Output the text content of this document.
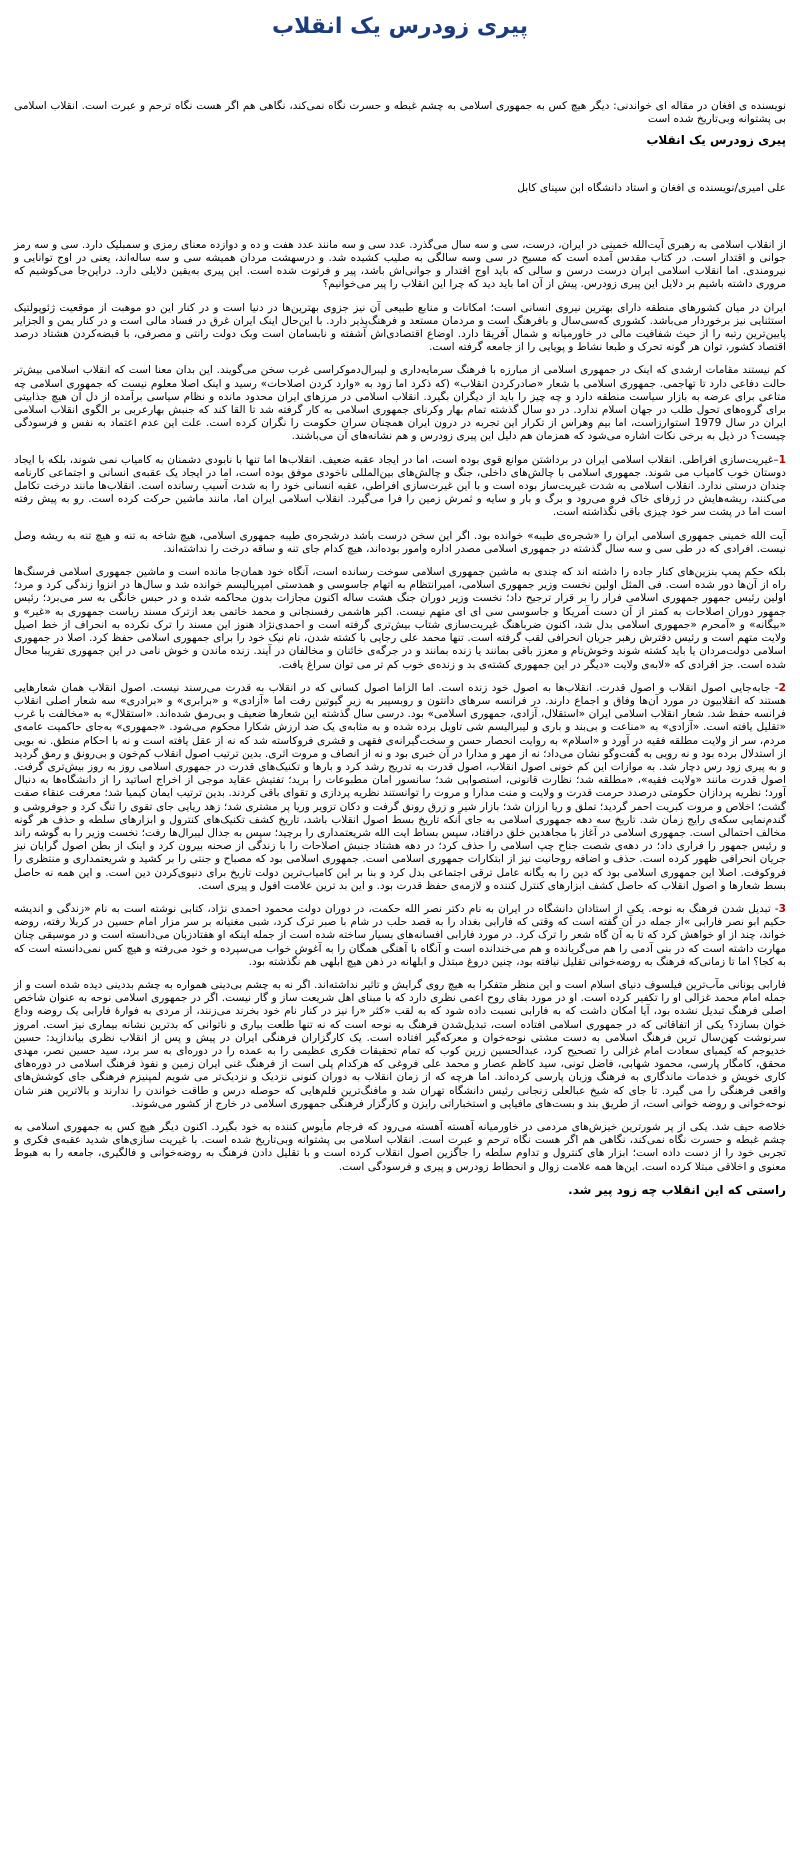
پیری زودرس یک انقلاب

نویسنده ی افغان در مقاله ای خواندنی: دیگر هیچ کس به جمهوری اسلامی به چشم غبطه و حسرت نگاه نمی‌کند، نگاهی هم اگر هست نگاه ترحم و عبرت است. انقلاب اسلامی بی پشتوانه وبی‌تاریخ شده است

پیری زودرس یک انقلاب

علی امیری/نویسنده ی افغان و استاد دانشگاه ابن سینای کابل

از انقلاب اسلامی به رهبری آیت‌الله خمینی در ایران، درست، سی و سه سال می‌گذرد. عدد سی و سه مانند عدد هفت و ده و دوازده معنای رمزی و سمبلیک دارد. سی و سه رمز جوانی و اقتدار است. در کتاب مقدس آمده است که مسیح در سی وسه سالگی به صلیب کشیده شد. و درسهشت مردان همیشه سی و سه ساله‌اند، یعنی در اوج توانایی و نیرومندی. اما انقلاب اسلامی ایران درست درسن و سالی که باید اوج اقتدار و جوانی‌اش باشد، پیر و فرتوت شده است. این پیری به‌یقین دلایلی دارد. دراین‌جا می‌کوشیم که مروری داشته باشیم بر دلایل این پیری زودرس. پیش از آن اما باید دید که چرا این انقلاب را پیر می‌خوانیم؟

ایران در میان کشورهای منطقه دارای بهترین نیروی انسانی است؛ امکانات و منابع طبیعی آن نیز جزوی بهترین‌ها در دنیا است و در کنار این دو موهبت از موقعیت ژئوپولتیک استثنایی نیز برخوردار می‌باشد. کشوری که‌سی‌سال و بافرهنگ است و مردمان مستعد و فرهنگ‌پذیر دارد. با این‌حال اینک ایران غرق در فساد مالی است و در کنار یمن و الجزایر پایین‌ترین رتبه را از حیث شفافیت مالی در خاورمیانه و شمال آفریقا دارد. اوضاع اقتصادی‌اش آشفته و نابسامان است وبک دولت رانتی و مصرفی، با قبضه‌کردن هشتاد درصد اقتصاد کشور، توان هر گونه تحرک و طبعا نشاط و پویایی را از جامعه گرفته است.

کم نیستند مقامات ارشدی که اینک در جمهوری اسلامی از مبارزه با فرهنگ سرمایه‌داری و لیبرال‌دموکراسی غرب سخن می‌گویند. این بدان معنا است که انقلاب اسلامی بیش‌تر حالت دفاعی دارد تا تهاجمی. جمهوری اسلامی با شعار «صادرکردن انقلاب» (که ذکرد اما زود به «وارد کردن اصلاحات» رسید و اینک اصلا معلوم نیست که جمهوری اسلامی چه متاعی برای عرضه به بازار سیاست منطقه دارد و چه چیز را باید از دیگران بگیرد. انقلاب اسلامی در مرزهای ایران محدود مانده و نظام سیاسی برآمده از دل آن هیچ جذابیتی برای گروه‌های تحول طلب در جهان اسلام ندارد. در دو سال گذشته تمام بهار وکرنای جمهوری اسلامی به کار گرفته شد تا القا کند که جنبش بهارعربی بر الگوی انقلاب اسلامی ایران در سال 1979 استوارزاست، اما بیم وهراس از تکرار این تجربه در درون ایران همچنان سران حکومت را نگران کرده است. علت این عدم اعتماد به نفس و فرسودگی چیست؟ در ذیل به برخی نکات اشاره می‌شود که همزمان هم دلیل این پیری زودرس و هم نشانه‌های آن می‌باشند.

1–غیریت‌سازی افراطی. انقلاب اسلامی ایران در برداشتن موانع قوی بوده است، اما در ایجاد عقبه ضعیف. انقلاب‌ها اما تنها با نابودی دشمنان به کامیاب نمی شوند، بلکه با ایجاد دوستان خوب کامیاب می شوند. جمهوری اسلامی با چالش‌های داخلی، جنگ و چالش‌های بین‌المللی ناخودی موفق بوده است، اما در ایجاد یک عقبه‌ی انسانی و اجتماعی کارنامه چندان درستی ندارد. انقلاب اسلامی به شدت غیریت‌ساز بوده است و با این غیرت‌سازی افراطی، عقبه انسانی خود را به شدت آسیب رسانده است. انقلاب‌ها مانند درخت تکامل می‌کنند، ریشه‌هایش در ژرفای خاک فرو می‌رود و برگ و بار و سایه و ثمرش زمین را فرا می‌گیرد. انقلاب اسلامی ایران اما، مانند ماشین حرکت کرده است. رو به پیش رفته است اما در پشت سر خود چیزی باقی نگذاشته است.

آیت الله خمینی جمهوری اسلامی ایران را «شجره‌ی طیبه» خوانده بود. اگر این سخن درست باشد درشجره‌ی طیبه جمهوری اسلامی، هیچ شاخه به تنه و هیچ تنه به ریشه وصل نیست. افرادی که در طی سی و سه سال گذشته در جمهوری اسلامی مصدر اداره وامور بوده‌اند، هیچ کدام جای تنه و ساقه درخت را نداشته‌اند.

بلکه حکم پمپ بنزین‌های کنار جاده را داشته اند که چندی به ماشین جمهوری اسلامی سوخت رسانده است، آنگاه خود همان‌جا مانده است و ماشین جمهوری اسلامی فرسنگ‌ها راه از آن‌ها دور شده است. فی المثل اولین نخست وزیر جمهوری اسلامی، امیرانتظام به اتهام جاسوسی و همدستی امپریالیسم خوانده شد و سال‌ها در انزوا زندگی کرد و مرد؛ اولین رئیس جمهور جمهوری اسلامی فرار را بر قرار ترجیح داد؛ نخست وزیر دوران جنگ هشت ساله اکنون مجازات بدون محاکمه شده و در حبس خانگی به سر می‌برد؛ رئیس جمهور دوران اصلاحات به کمتر از آن دست آمریکا و جاسوسی سی ای ای متهم نیست. اکبر هاشمی رفسنجانی و محمد خاتمی بعد ازترک مسند ریاست جمهوری به «غیر» و «بیگانه» و «آمحرم «جمهوری اسلامی بدل شد، اکنون ضرباهنگ غیریت‌سازی شتاب بیش‌تری گرفته است و احمدی‌نژاد هنوز این مسند را ترک نکرده به انحراف از خط اصیل ولایت متهم است و رئیس دفترش رهبر جریان انحرافی لقب گرفته است. تنها محمد علی رجایی با کشته شدن، نام نیک خود را برای جمهوری اسلامی حفظ کرد. اصلا در جمهوری اسلامی دولت‌مردان یا باید کشته شوند وخوش‌نام و معزز باقی بمانند یا زنده بمانند و در جرگه‌ی خائنان و مخالفان در آیند. زنده ماندن و خوش نامی در این جمهوری تقریبا محال شده است. جز افرادی که «لابه‌ی ولایت «دیگر در این جمهوری کشته‌ی بد و زنده‌ی خوب کم تر می توان سراغ یافت.

2- جابه‌جایی اصول انقلاب و اصول قدرت. انقلاب‌ها به اصول خود زنده است. اما الزاما اصول کسانی که در انقلاب به قدرت می‌رسند نیست. اصول انقلاب همان شعارهایی هستند که انقلابیون در مورد آن‌ها وفاق و اجماع دارند. در فرانسه سرهای دانتون و روبسپیر به زیر گیوتین رفت اما «آزادی» و «برابری» و «برادری» سه شعار اصلی انقلاب فرانسه حفظ شد. شعار انقلاب اسلامی ایران «استقلال، آزادی، جمهوری اسلامی» بود. درسی سال گذشته این شعارها ضعیف و بی‌رمق شده‌اند. «استقلال» به «مخالفت با غرب «تقلیل یافته است. «آزادی» به «مناعت و بی‌بند و باری و لیبرالیسم‌ شی تاویل برده شده و به مثابه‌ی یک ضد ارزش شکارا محکوم می‌شود. «جمهوری» به‌جای حاکمیت عامه‌ی مردم، سر از ولایت مطلقه فقیه در آورد و «اسلام» به روایت انحصار حسن و سخت‌گیرانه‌ی فقهی و قشری فرو‌کاسته شد که نه از عقل یافته است و نه با احکام منطق. نه بویی از استدلال برده بود و نه رویی به گفت‌وگو نشان می‌داد؛ نه از مهر و مدارا در آن خبری بود و نه از انصاف و مروت اثری. بدین ترتیب اصول انقلاب کم‌خون و بی‌رونق و رمق گردید و به پیری زود رس دچار شد. به موازات این کم خونی اصول انقلاب، اصول قدرت به تدریج رشد کرد و بارها و تکنیک‌های قدرت در جمهوری اسلامی روز به روز بیش‌تری گرفت. اصول قدرت مانند «ولایت فقیه»، «مطلقه شد؛ نظارت قانونی، استصوابی شد؛ سانسور امان مطبوعات را برید؛ تفتیش عقاید موجی از اخراج اساتید را از دانشگاه‌ها به دنبال آورد؛ نظریه پردازان حکومتی درصدد حرمت قدرت و ولایت و منت مدارا و مروت را توانستند نظریه پردازی و تقوای باقی کردند. بدین ترتیب ایمان کیمیا شد؛ معرفت عنقاء صفت گشت؛ اخلاص و مروت کبریت احمر گردید؛ تملق و ریا ارزان شد؛ بازار شیر و زرق رونق گرفت و دکان تزویر وریا پر مشتری شد؛ زهد ریایی جای تقوی را تنگ کرد و جوفروشی و گندم‌نمایی سکه‌ی رایج زمان شد. تاریخ سه دهه جمهوری اسلامی به جای آنکه تاریخ بسط اصول انقلاب باشد، تاریخ کشف تکنیک‌های کنترول و ابزارهای سلطه و حذف هر گونه مخالف احتمالی است. جمهوری اسلامی در آغاز با مجاهدین خلق درافتاد، سپس بساط ایت الله شریعتمداری را برچید؛ سپس به جدال لیبرال‌ها رفت؛ نخست وزیر را به گوشه راند و رئیس جمهور را فراری داد؛ در دهه‌ی شصت جناح چپ اسلامی را حذف کرد؛ در دهه هشتاد جنبش اصلاحات را با زندگی از صحنه بیرون کرد و اینک از بطن اصول گرایان نیز جریان انحرافی ظهور کرده است. حذف و اضافه روحانیت نیز از ابتکارات جمهوری اسلامی است. جمهوری اسلامی بود که مصباح و جنتی را بر کشید و شریعتمداری و منتظری را فروکوفت. اصلا این جمهوری اسلامی بود که دین را به یگانه عامل ترقی اجتماعی بدل کرد و بنا بر این کامیاب‌ترین دولت تاریخ برای دنیوی‌کردن دین است. و این همه نه حاصل بسط شعارها و اصول انقلاب که حاصل کشف ابزارهای کنترل کننده و لازمه‌ی حفظ قدرت بود. و این بد ترین علامت افول و پیری است.

3- تبدیل شدن فرهنگ به نوحه. یکی از استادان دانشگاه در ایران به نام دکتر نصر الله حکمت، در دوران دولت محمود احمدی نژاد، کتابی نوشته است به نام «زندگی و اندیشه حکیم ابو نصر فارابی »از جمله در آن گفته است که وقتی که فارابی بغداد را به قصد حلب در شام با صبر ترک کرد، شبی مغنیانه بر سر مزار امام حسین در کربلا رفته، روضه خواند، چند از او خواهش کرد که تا به آن گاه شعر را ترک کرد. در مورد فارابی افسانه‌های بسیار ساخته شده است از جمله اینکه او هفتادزبان می‌دانسته است و در موسیقی چنان مهارت داشته است که در بنی آدمی را هم می‌گریانده و هم می‌خندانده است و آنگاه با آهنگی همگان را به آغوش خواب می‌سپرده و خود می‌رفته و هیچ کس نمی‌دانسته است که به کجا؟ اما تا زمانی‌که فرهنگ به روضه‌خوانی تقلیل نیافته بود، چنین دروغ مبتذل و ابلهانه در ذهن هیچ ابلهی هم نگذشته بود.

فارابی یونانی مآب‌ترین فیلسوف دنیای اسلام است و این منظر متفکرا به هیچ روی گرایش و تاثیر نداشته‌اند. اگر نه به چشم بی‌دینی همواره به چشم بددینی دیده شده است و از جمله امام محمد غزالی او را تکفیر کرده است. او در مورد بقای روح اعمی نظری دارد که با مبنای اهل شریعت ساز و گار نیست. اگر در جمهوری اسلامی نوحه به عنوان شاخص اصلی فرهنگ تبدیل نشده بود، آیا امکان داشت که به فارابی نسبت داده شود که به لقب «کثر «را نیز در کنار نام خود بخرند می‌زنند، از مردی به فوارهٔ فارابی یک روضه وداع خوان بسازد؟ یکی از اتفاقاتی که در جمهوری اسلامی افتاده است، تبدیل‌شدن فرهنگ به نوحه است که نه تنها طلعت بیاری و ناتوانی که بدترین نشانه بیماری نیز است. امروز سرنوشت کهن‌سال ترین فرهنگ اسلامی به دست مشتی نوحه‌خوان و معرکه‌گیر افتاده است. یک کارگزاران فرهنگی ایران در پیش و پس از انقلاب نظری بیاندازید: حسین خدیوجم که کیمیای سعادت امام غزالی را تصحیح کرد، عبدالحسین زرین کوب که تمام تحقیقات فکری عظیمی را به عمده را در دوره‌ای به سر برد، سید حسین نصر، مهدی محقق، کامگار پارسی، محمود شهابی، فاضل تونی، سید کاظم عصار و محمد علی فروغی که هرکدام پلی است از فرهنگ غنی ایران زمین و نفوذ فرهنگ اسلامی در دوره‌های کاری خویش و خدمات ماندگاری به فرهنگ وزبان پارسی کرده‌اند. اما هرچه که از زمان انقلاب به دوران کنونی نزدیک و نزدیک‌تر می شویم لمپنیزم فرهنگی جای کوشش‌های واقعی فرهنگی را می گیرد. تا جای که شیخ عبالعلی زنجانی رئیس دانشگاه تهران شد و مافنگ‌ترین قلم‌هایی که حوصله درس و طاقت خواندن را ندارند و بالاترین هنر شان نوحه‌خوانی و روضه خوانی است، از طریق بند و بست‌های مافیایی و استخباراتی رایزن و کارگزار فرهنگی جمهوری اسلامی در خارج از کشور می‌شوند.

خلاصه حیف شد. یکی از پر شورترین خیزش‌های مردمی در خاورمیانه آهسته آهسته می‌رود که فرجام مأیوس کننده به خود بگیرد. اکنون دیگر هیچ کس به جمهوری اسلامی به چشم غبطه و حسرت نگاه نمی‌کند، نگاهی هم اگر هست نگاه ترحم و عبرت است. انقلاب اسلامی بی پشتوانه وبی‌تاریخ شده است. با غیریت سازی‌های شدید عقبه‌ی فکری و تجربی خود را از دست داده است؛ ابزار های کنترول و تداوم سلطه را جاگزین اصول انقلاب کرده است و با تقلیل دادن فرهنگ به روضه‌خوانی و فالگیری، جامعه را به هبوط معنوی و اخلاقی مبتلا کرده است. این‌ها همه علامت زوال و انحطاط زودرس و پیری و فرسودگی است.

راستی که این انقلاب چه زود پیر شد.
